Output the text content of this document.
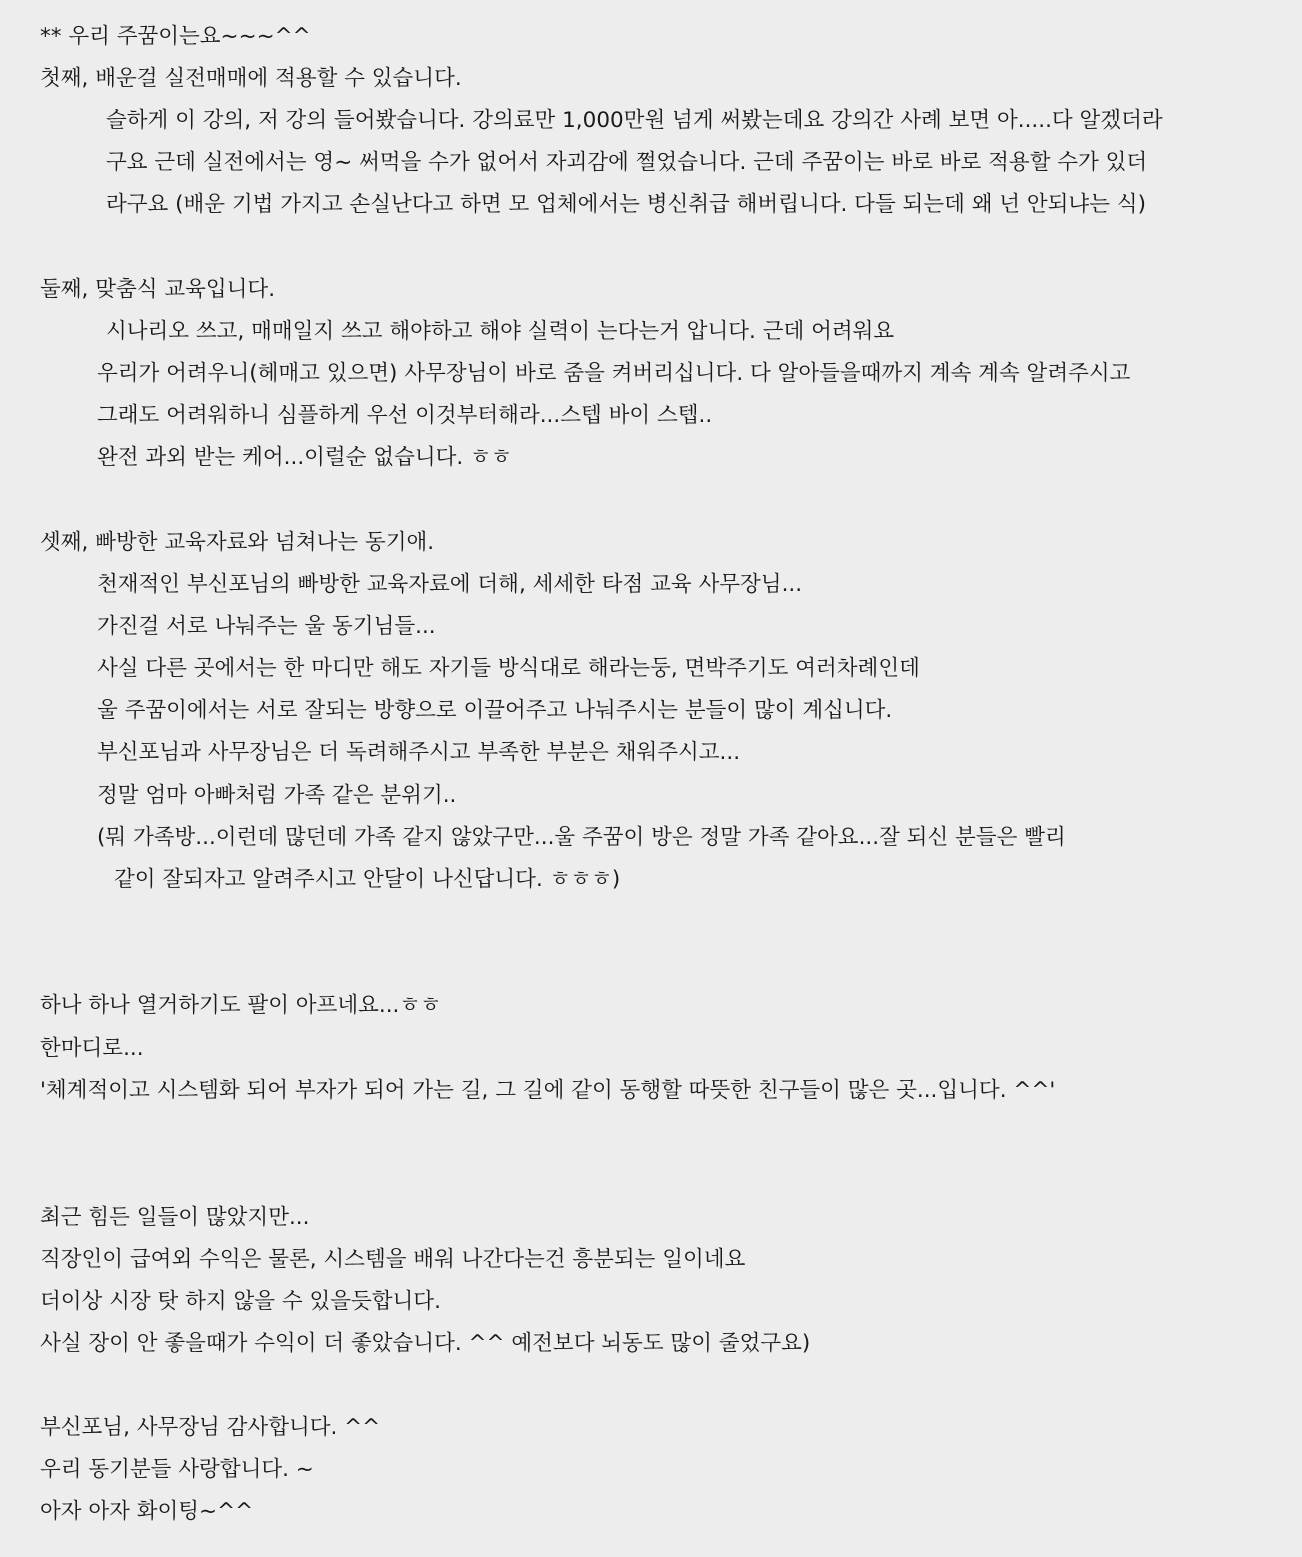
** 우리 주꿈이는요~~~^^
첫째, 배운걸 실전매매에 적용할 수 있습니다.
슬하게 이 강의, 저 강의 들어봤습니다. 강의료만 1,000만원 넘게 써봤는데요 강의간 사례 보면 아.....다 알겠더라
구요 근데 실전에서는 영~ 써먹을 수가 없어서 자괴감에 쩔었습니다. 근데 주꿈이는 바로 바로 적용할 수가 있더
라구요 (배운 기법 가지고 손실난다고 하면 모 업체에서는 병신취급 해버립니다. 다들 되는데 왜 넌 안되냐는 식)
둘째, 맞춤식 교육입니다.
시나리오 쓰고, 매매일지 쓰고 해야하고 해야 실력이 는다는거 압니다. 근데 어려워요
우리가 어려우니(헤매고 있으면) 사무장님이 바로 줌을 켜버리십니다. 다 알아들을때까지 계속 계속 알려주시고
그래도 어려워하니 심플하게 우선 이것부터해라...스텝 바이 스텝..
완전 과외 받는 케어...이럴순 없습니다. ㅎㅎ
셋째, 빠방한 교육자료와 넘쳐나는 동기애.
천재적인 부신포님의 빠방한 교육자료에 더해, 세세한 타점 교육 사무장님...
가진걸 서로 나눠주는 울 동기님들...
사실 다른 곳에서는 한 마디만 해도 자기들 방식대로 해라는둥, 면박주기도 여러차례인데
울 주꿈이에서는 서로 잘되는 방향으로 이끌어주고 나눠주시는 분들이 많이 계십니다.
부신포님과 사무장님은 더 독려해주시고 부족한 부분은 채워주시고...
정말 엄마 아빠처럼 가족 같은 분위기..
(뭐 가족방...이런데 많던데 가족 같지 않았구만...울 주꿈이 방은 정말 가족 같아요...잘 되신 분들은 빨리
같이 잘되자고 알려주시고 안달이 나신답니다. ㅎㅎㅎ)
하나 하나 열거하기도 팔이 아프네요...ㅎㅎ
한마디로...
'체계적이고 시스템화 되어 부자가 되어 가는 길, 그 길에 같이 동행할 따뜻한 친구들이 많은 곳...입니다. ^^'
최근 힘든 일들이 많았지만...
직장인이 급여외 수익은 물론, 시스템을 배워 나간다는건 흥분되는 일이네요
더이상 시장 탓 하지 않을 수 있을듯합니다.
사실 장이 안 좋을때가 수익이 더 좋았습니다. ^^ 예전보다 뇌동도 많이 줄었구요)
부신포님, 사무장님 감사합니다. ^^
우리 동기분들 사랑합니다. ~
아자 아자 화이팅~^^
